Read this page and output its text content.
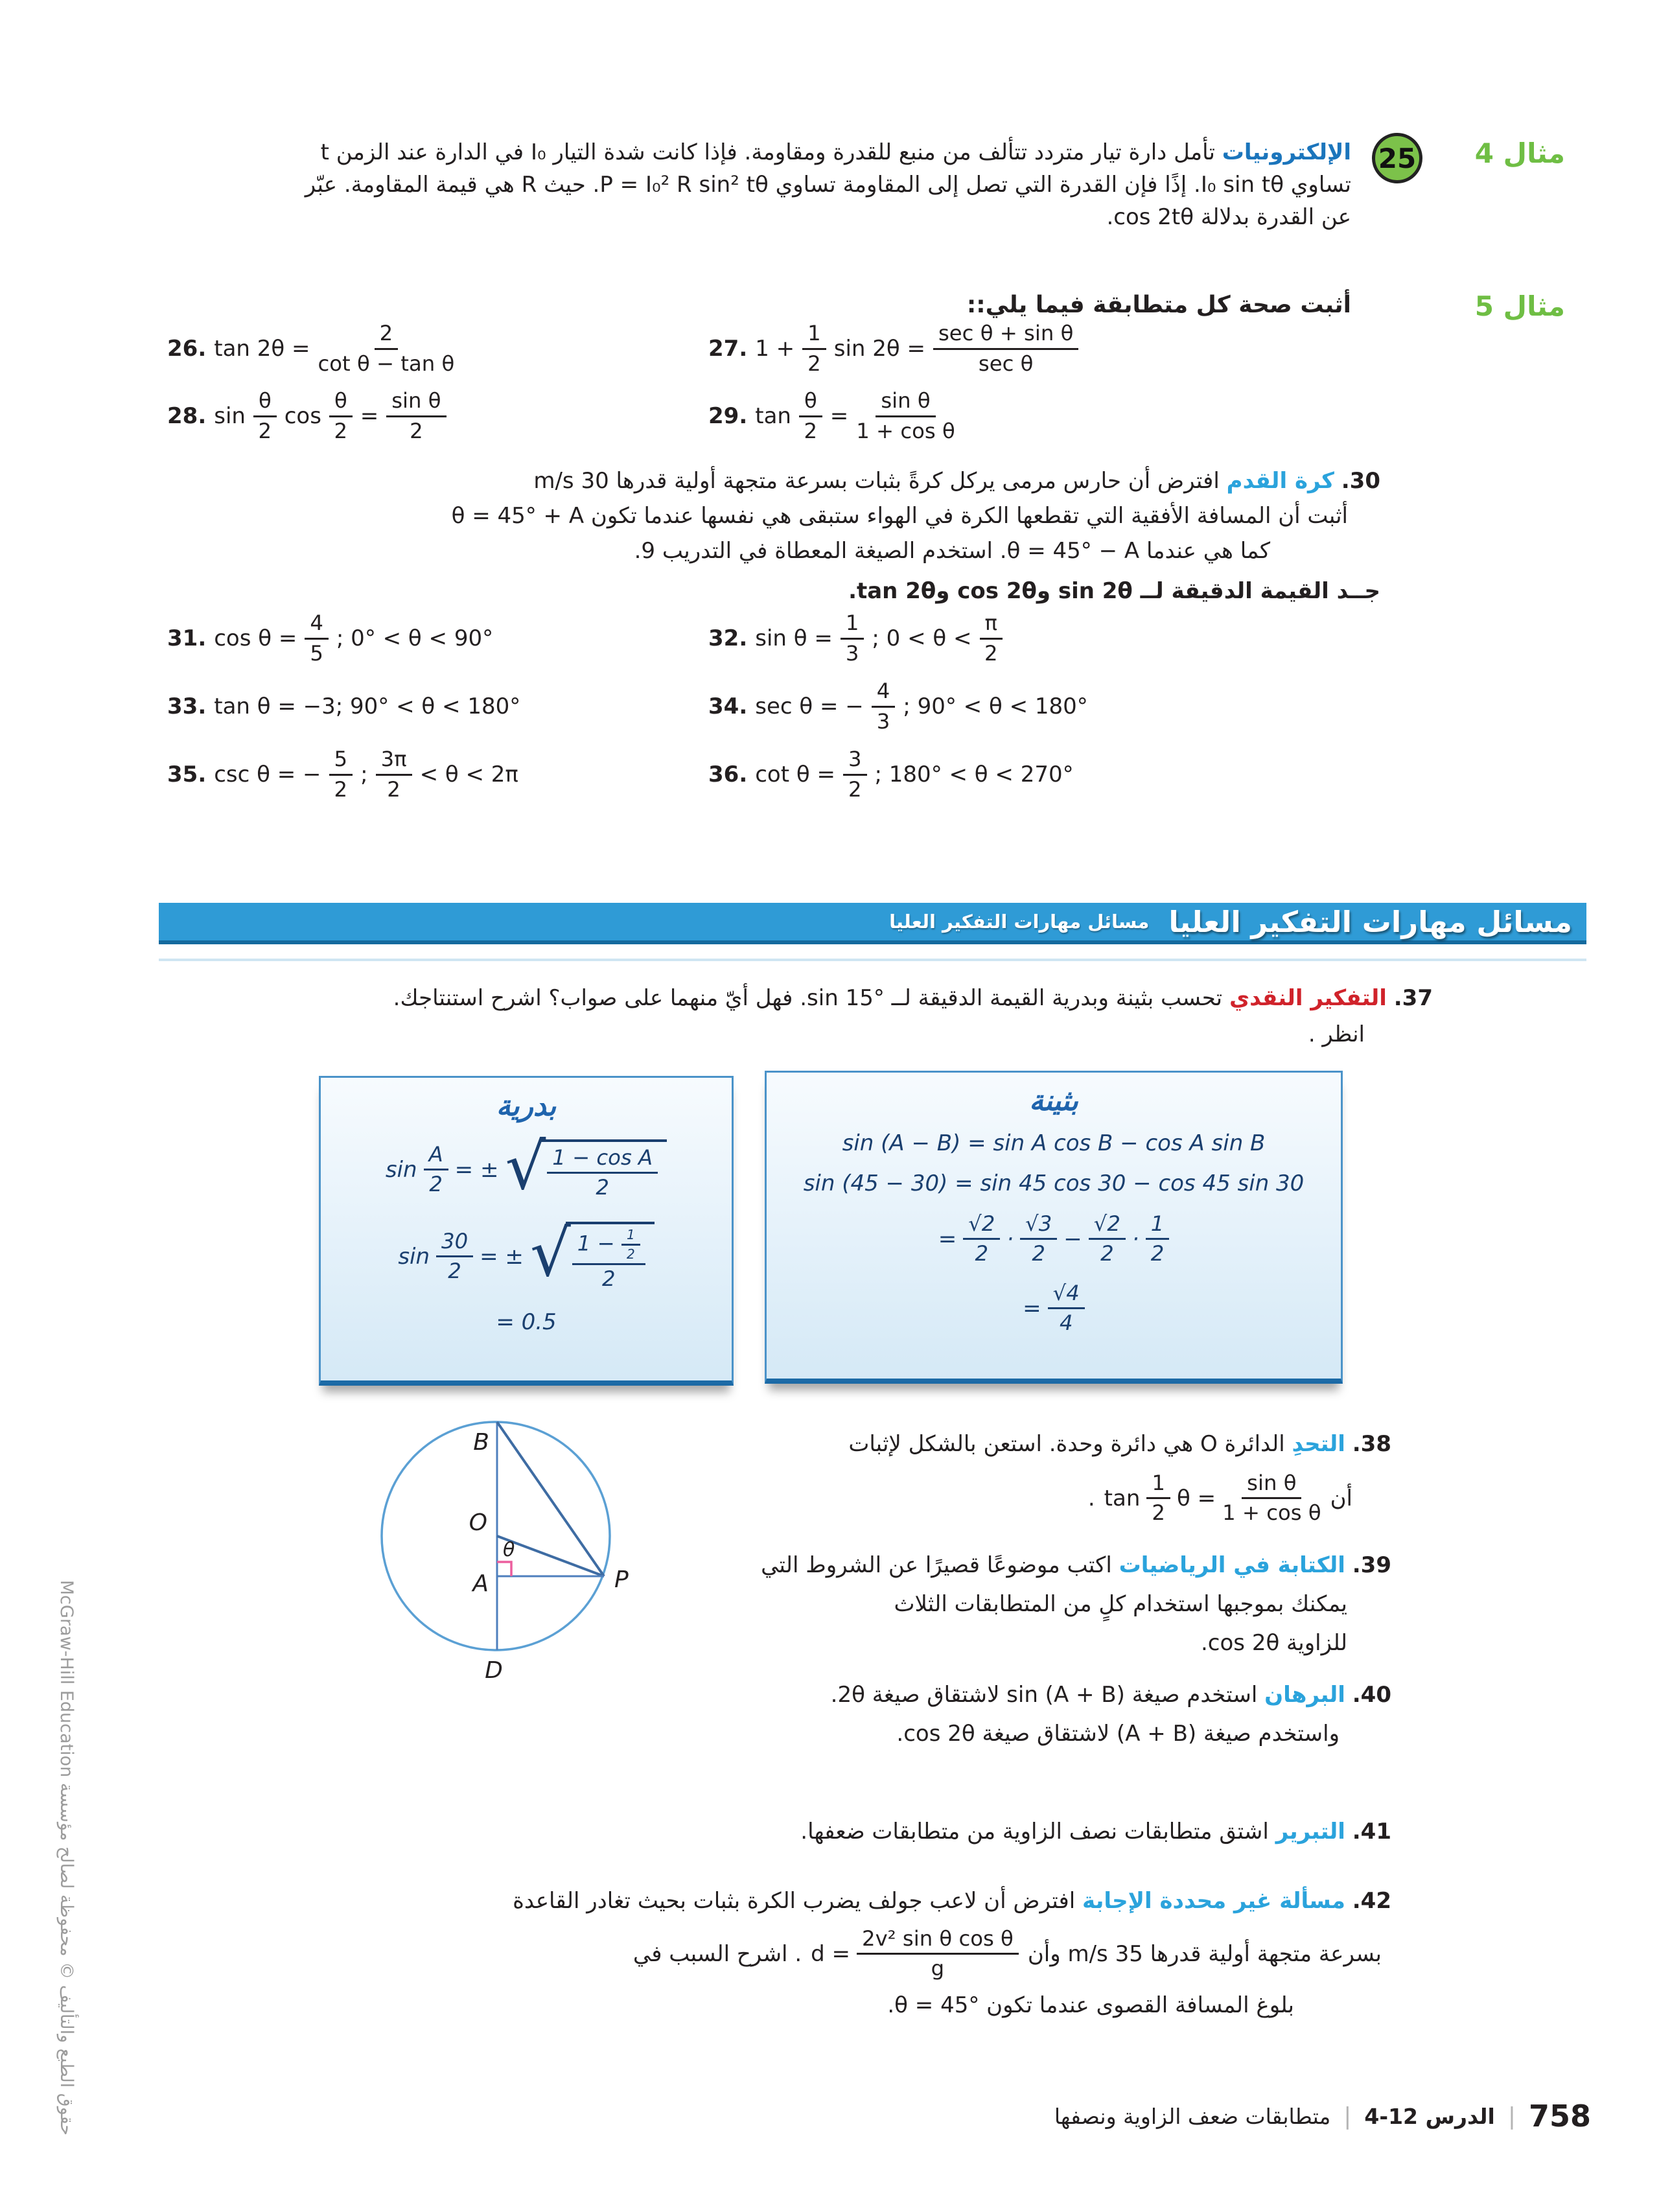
مثال 4
25
الإلكترونيات تأمل دارة تيار متردد تتألف من منبع للقدرة ومقاومة. فإذا كانت شدة التيار I₀ في الدارة عند الزمن t
تساوي I₀ sin tθ. إذًا فإن القدرة التي تصل إلى المقاومة تساوي P = I₀² R sin² tθ. حيث R هي قيمة المقاومة. عبّر
عن القدرة بدلالة cos 2tθ.
مثال 5
أثبت صحة كل متطابقة فيما يلي::
26. $\tan 2\theta = \frac{2}{\text{cot θ − tan θ}}$	27. $1 + \frac{1}{2}$ $\sin 2\theta = \frac{\text{sec θ + sin θ}}{\text{sec θ}}$
28. $\sin \frac{\theta}{2}$ $\cos \frac{\theta}{2} = \frac{\text{sin θ}}{2}$	29. $\tan \frac{\theta}{2} = \frac{\text{sin θ}}{\text{1 + cos θ}}$
30. كرة القدم افترض أن حارس مرمى يركل كرةً بثبات بسرعة متجهة أولية قدرها 30 m/s
أثبت أن المسافة الأفقية التي تقطعها الكرة في الهواء ستبقى هي نفسها عندما تكون θ = 45° + A
كما هي عندما θ = 45° − A. استخدم الصيغة المعطاة في التدريب 9.
جــد القيمة الدقيقة لــ sin 2θ وcos 2θ وtan 2θ.
31. $\cos \theta = \frac{4}{5}$ ; 0° < θ < 90°	32. $\sin \theta = \frac{1}{3}$ ; $0 < \theta < \frac{\pi}{2}$
33. tan θ = −3; 90° < θ < 180°	34. sec θ = − $\frac{4}{3}$ ; 90° < θ < 180°
35. csc θ = − $\frac{5}{2}$ ; $\frac{3\pi}{2} < \theta < 2\pi$	36. $\cot \theta = \frac{3}{2}$ ; 180° < θ < 270°
مسائل مهارات التفكير العليا
مسائل مهارات التفكير العليا
37. التفكير النقدي تحسب بثينة وبدرية القيمة الدقيقة لــ sin 15°. فهل أيّ منهما على صواب؟ اشرح استنتاجك.
انظر .
بدرية
$\sin \frac{A}{2}$ = ± √ $\frac{\text{1 − cos A}}{2}$
$\sin \frac{30}{2}$ = ± √ $\frac{1 - \frac{1}{2}}{2}$
= 0.5
بثينة
sin (A − B) = sin A cos B − cos A sin B
sin (45 − 30) = sin 45 cos 30 − cos 45 sin 30
= $\frac{√2}{2} \cdot \frac{√3}{2} - \frac{√2}{2} \cdot \frac{1}{2}$
= $\frac{√4}{4}$
B
O
θ
A	P
D
38. التحدِ الدائرة O هي دائرة وحدة. استعن بالشكل لإثبات
أن
$\tan \frac{1}{2}$ $\theta = \frac{\text{sin θ}}{\text{1 + cos θ}}$
.
39. الكتابة في الرياضيات اكتب موضوعًا قصيرًا عن الشروط التي
يمكنك بموجبها استخدام كلٍ من المتطابقات الثلاث
للزاوية cos 2θ.
40. البرهان استخدم صيغة sin (A + B) لاشتقاق صيغة 2θ.
واستخدم صيغة (A + B) لاشتقاق صيغة cos 2θ.
41. التبرير اشتق متطابقات نصف الزاوية من متطابقات ضعفها.
42. مسألة غير محددة الإجابة افترض أن لاعب جولف يضرب الكرة بثبات بحيث تغادر القاعدة
بسرعة متجهة أولية قدرها 35 m/s وأن
$d = \frac{\text{2v² sin θ cos θ}}{g}$
. اشرح السبب في
بلوغ المسافة القصوى عندما تكون θ = 45°.
758
|
الدرس 12-4
|
متطابقات ضعف الزاوية ونصفها
حقوق الطبع والتأليف © محفوظة لصالح مؤسسة McGraw-Hill Education
